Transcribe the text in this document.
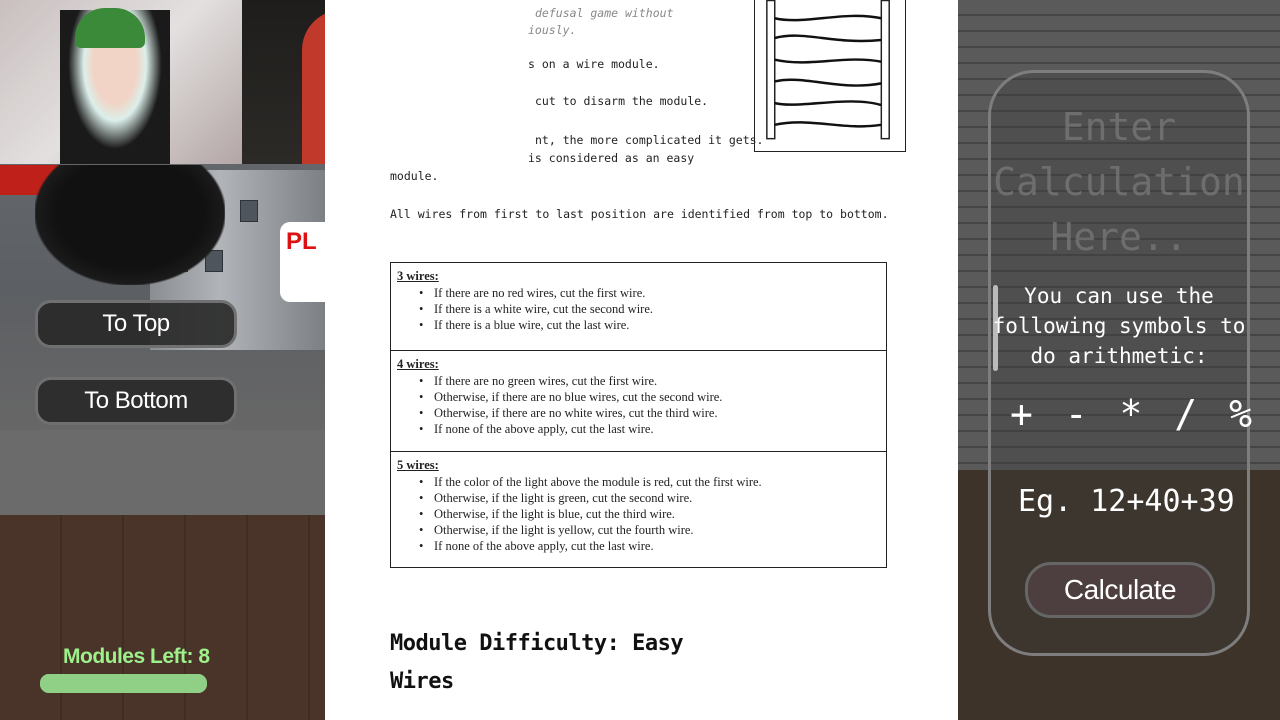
PL
To Top
To Bottom
Modules Left: 8
defusal game without
iously.
s on a wire module.
cut to disarm the module.
nt, the more complicated it gets.
is considered as an easy
module.
All wires from first to last position are identified from top to bottom.
3 wires:
• If there are no red wires, cut the first wire.
• If there is a white wire, cut the second wire.
• If there is a blue wire, cut the last wire.
4 wires:
• If there are no green wires, cut the first wire.
• Otherwise, if there are no blue wires, cut the second wire.
• Otherwise, if there are no white wires, cut the third wire.
• If none of the above apply, cut the last wire.
5 wires:
• If the color of the light above the module is red, cut the first wire.
• Otherwise, if the light is green, cut the second wire.
• Otherwise, if the light is blue, cut the third wire.
• Otherwise, if the light is yellow, cut the fourth wire.
• If none of the above apply, cut the last wire.
Module Difficulty: Easy
Wires
Enter Calculation Here..
You can use the following symbols to do arithmetic:
+ - * / %
Eg. 12+40+39
Calculate
